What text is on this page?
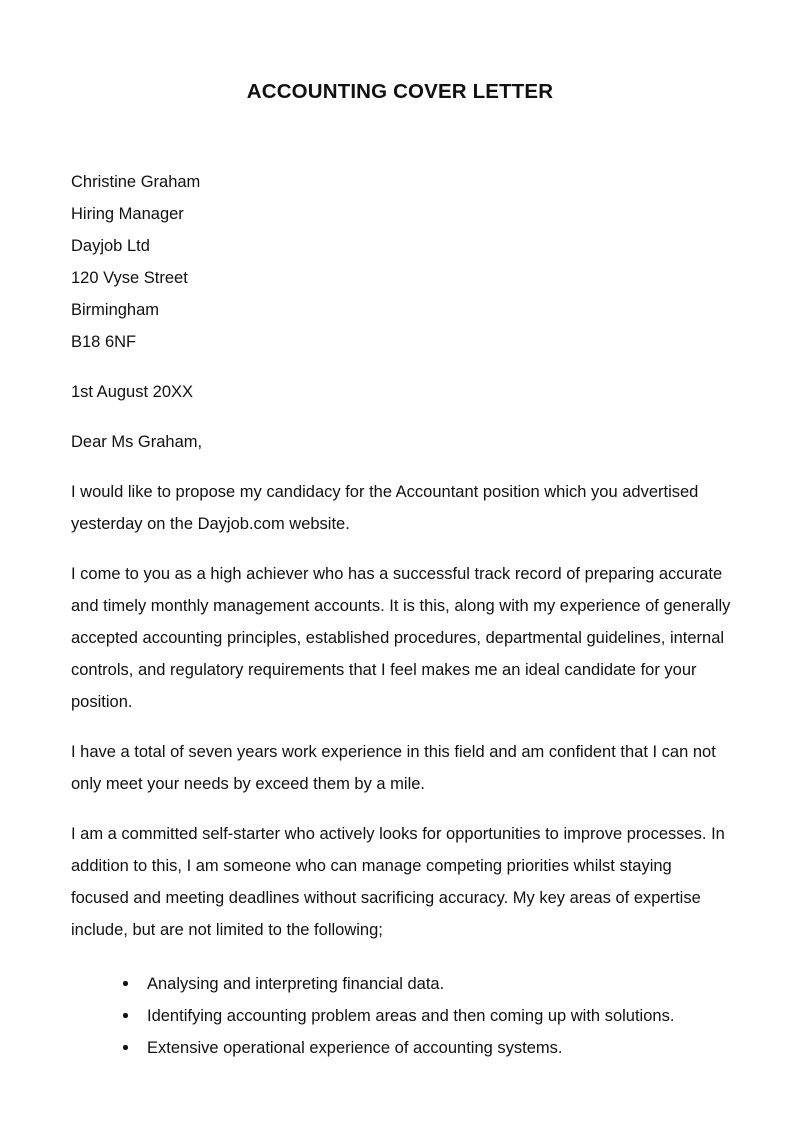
ACCOUNTING COVER LETTER
Christine Graham
Hiring Manager
Dayjob Ltd
120 Vyse Street
Birmingham
B18 6NF
1st August 20XX
Dear Ms Graham,

I would like to propose my candidacy for the Accountant position which you advertised yesterday on the Dayjob.com website.

I come to you as a high achiever who has a successful track record of preparing accurate and timely monthly management accounts. It is this, along with my experience of generally accepted accounting principles, established procedures, departmental guidelines, internal controls, and regulatory requirements that I feel makes me an ideal candidate for your position.

I have a total of seven years work experience in this field and am confident that I can not only meet your needs by exceed them by a mile.

I am a committed self-starter who actively looks for opportunities to improve processes. In addition to this, I am someone who can manage competing priorities whilst staying focused and meeting deadlines without sacrificing accuracy. My key areas of expertise include, but are not limited to the following;

Analysing and interpreting financial data.
Identifying accounting problem areas and then coming up with solutions.
Extensive operational experience of accounting systems.
